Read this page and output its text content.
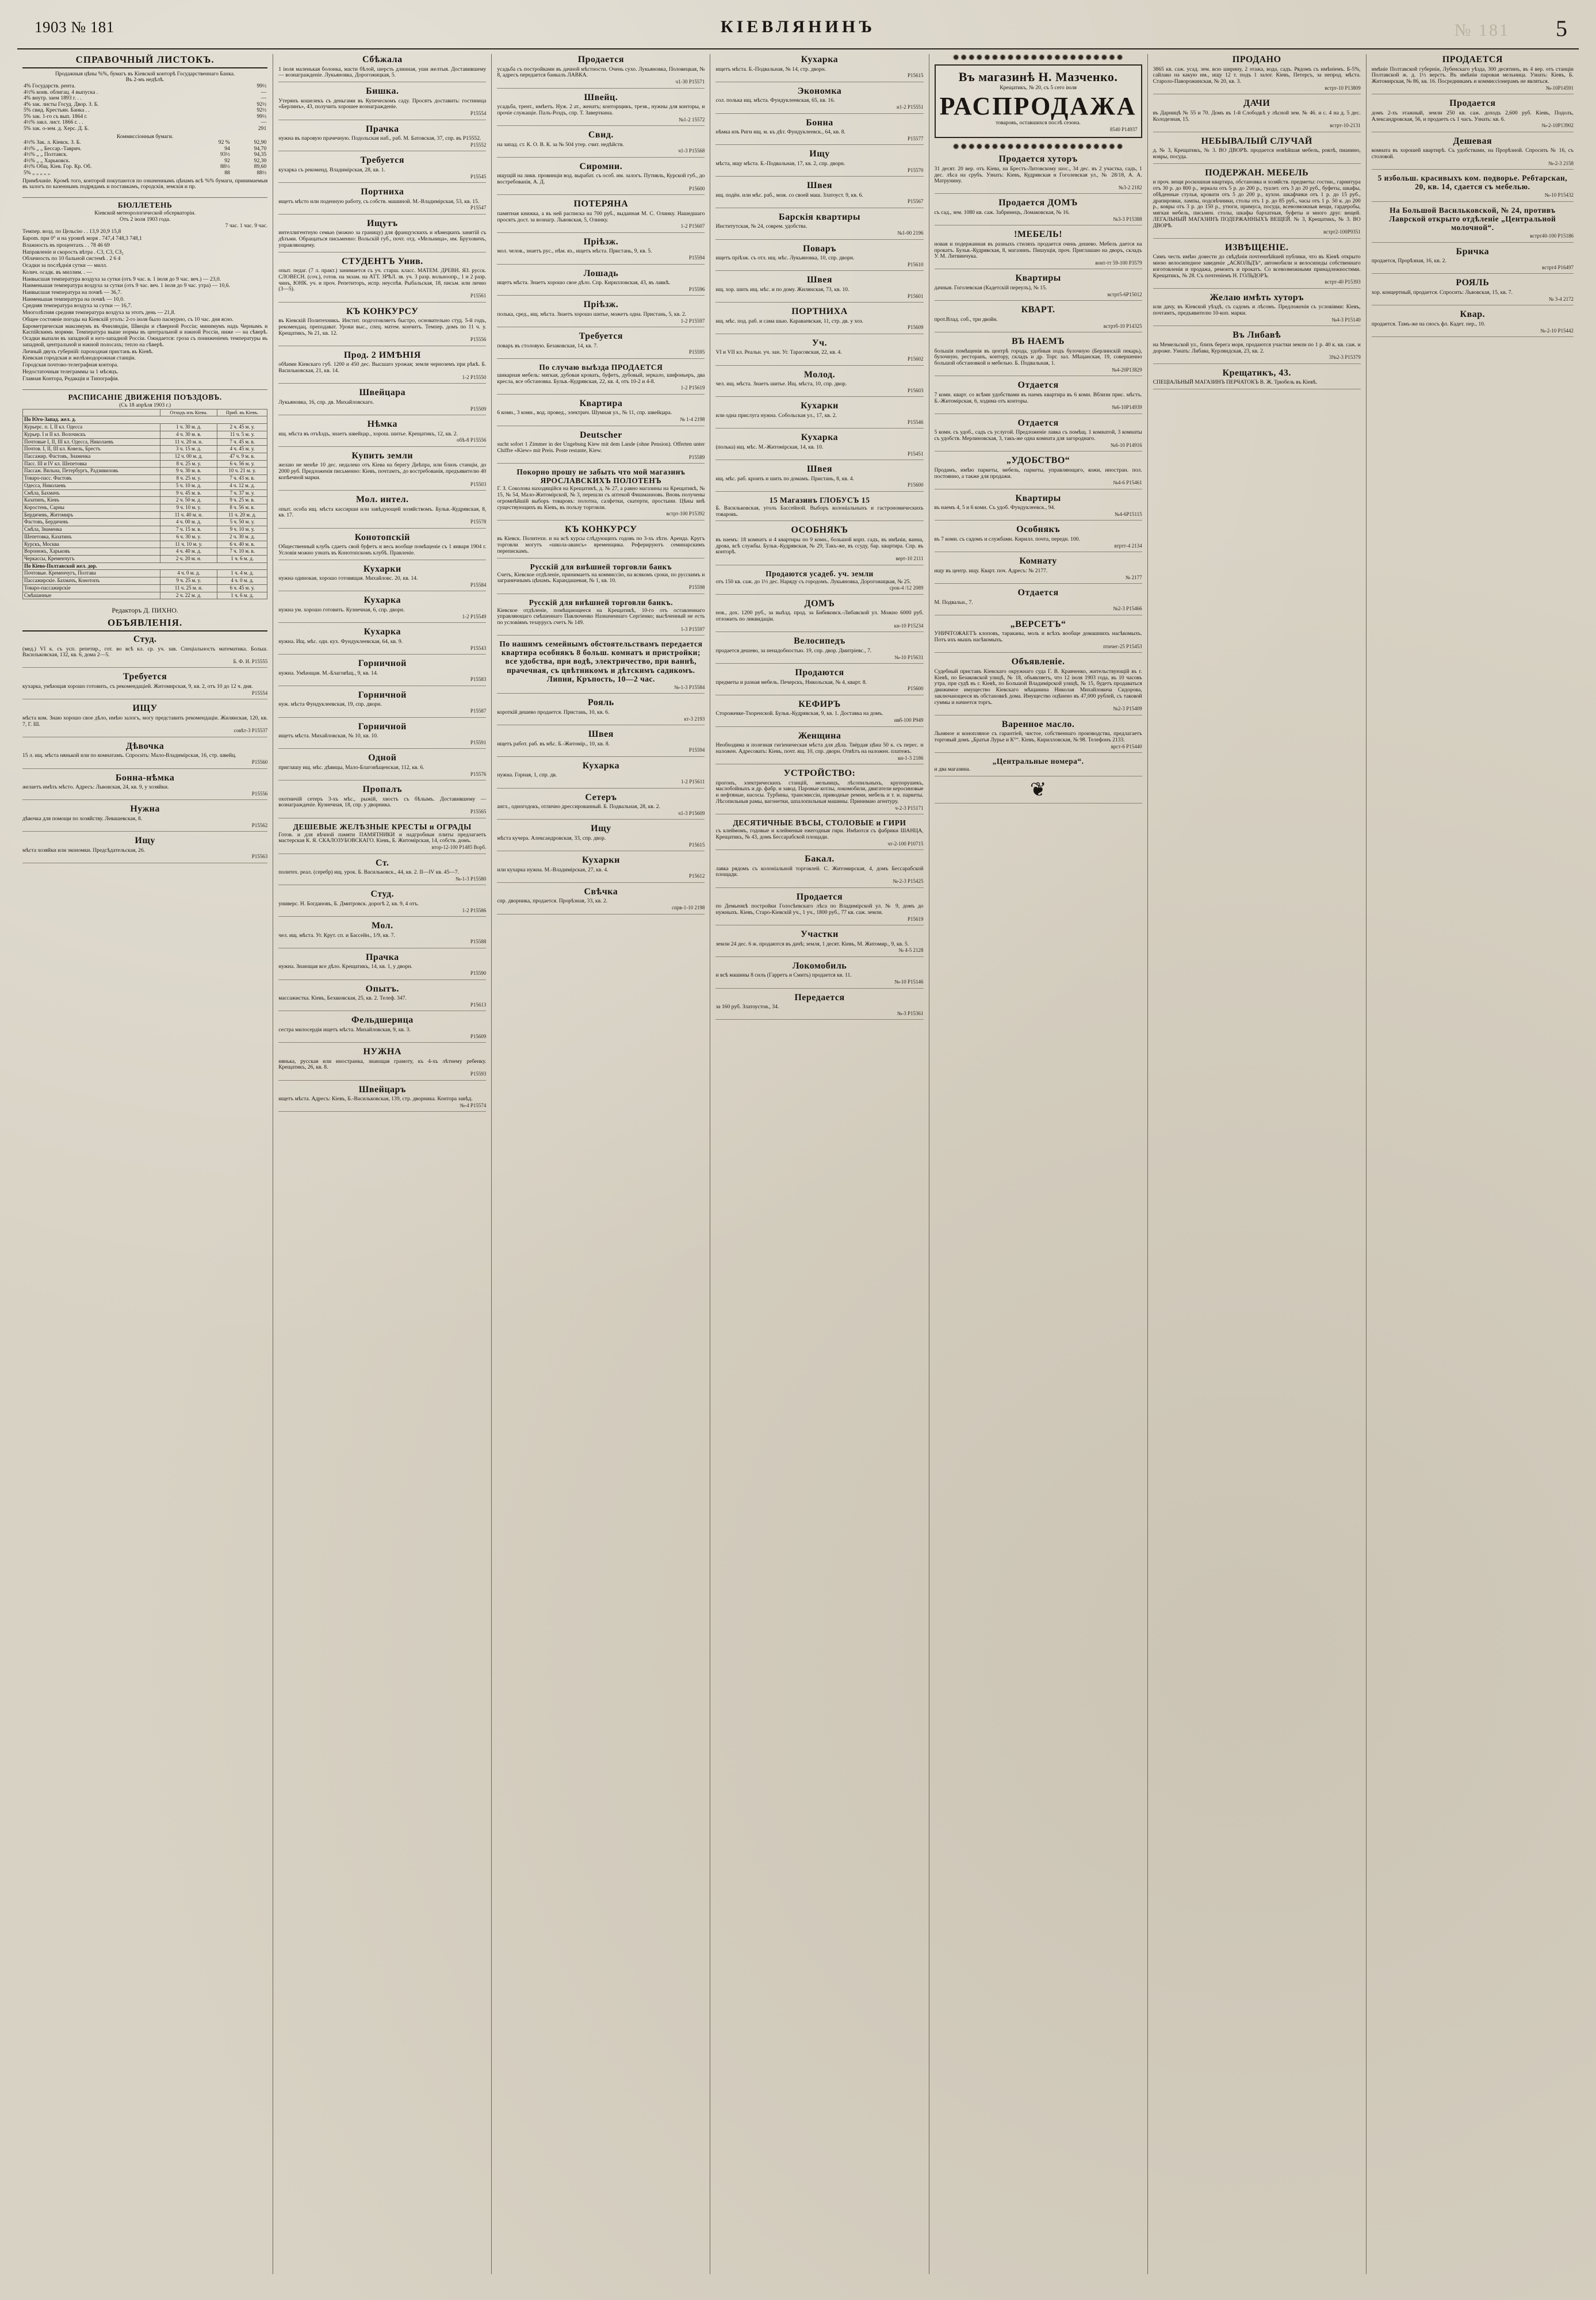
1903 № 181	КІЕВЛЯНИНЪ	№ 181 5
СПРАВОЧНЫЙ ЛИСТОКЪ.
Продажныя цѣны %%, бумагъ въ Кіевской конторѣ Государственнаго Банка.
Въ 2-мъ недѣлѣ.
4% Государств. рента.	99½
4½% конв. облигац. 4 выпуска .	—
4% внутр. заем 1893 г. . .	—
4% зак. листы Госуд. Двор. З. Б.	92½
5% свид. Крестьян. Банка . .	92½
5% зак. 1-го съ вып. 1864 г.	99½
4½% закл. лист. 1866 г. . .	—
5% зак. о-зем. д. Херс. Д. Б.	291
Коммиссіонныя бумаги.
4½% Зак. л. Кіевск. З. Б.	92 %	92,90
4½% „ „ Бессар.-Таврич.	94	94,70
4½% „ „ Полтавск.	93½	94,35
4½% „ „ Харьковск.	92	92,30
4½% Общ. Кіев. Гор. Кр. Об.	88½	89,60
5% „ „ „ „ „	88	88½
Примѣчаніе. Кромѣ того, конторой покупаются по означеннымъ цѣнамъ всѣ %% бумаги, принимаемыя въ залогъ по казеннымъ подрядамъ и поставкамъ, городскія, земскія и пр.
БЮЛЛЕТЕНЬ
Кіевской метеорологической обсерваторіи.
Отъ 2 іюля 1903 года.
7 час. 1 час. 9 час.

Темпер. возд. по Цельсію . . 13,9 20,9 15,8

Барom. при 0° и на уровнѣ моря . 747,4 748,3 748,1

Влажность въ процентахъ . . 78 46 69

Направленіе и скорость вѣтра . С3, С3, СЗ₂

Облачность по 10 бальной системѣ . 2 6 4

Осадки за послѣднія сутки — милл.

Колич. осадк. въ миллим. . —

Наивысшая температура воздуха за сутки (отъ 9 час. в. 1 іюля до 9 час. веч.) — 23,0.

Наименьшая температура воздуха за сутки (отъ 9 час. веч. 1 іюля до 9 час. утра) — 10,6.

Наивысшая температура на почвѣ — 36,7.

Наименьшая температура на почвѣ — 10,0.

Средняя температура воздуха за сутки — 16,7.

Многолѣтняя средняя температура воздуха за этотъ день — 21,8.

Общее состояніе погоды на Кіевскій уголъ: 2-го іюля было пасмурно, съ 10 час. дня ясно.

Барометрическая максимумъ въ Финляндіи, Швеціи и сѣверной Россіи; минимумъ надъ Чернымъ и Каспійскимъ морями. Температура выше нормы въ центральной и южной Россіи, ниже — на сѣверѣ. Осадки выпали въ западной и юго-западной Россіи. Ожидается: гроза съ пониженіемъ температуры въ западной, центральной и южной полосахъ; тепло на сѣверѣ.

Личный двухъ губерній: пароходная пристань въ Кіевѣ.

Кіевская городская и желѣзнодорожная станціи.

Городская почтово-телеграфная контора.

Недостаточныя телеграммы за 1 мѣсяцъ.

Главная Контора, Редакція и Типографія.

РАСПИСАНІЕ ДВИЖЕНІЯ ПОѢЗДОВЪ.
(Съ 18 апрѣля 1903 г.)
	Отходъ изъ Кіева.	Приб. въ Кіевъ.
По Юго-Запад. жел. д.		
Курьерс. п. I, II кл. Одесса	1 ч. 30 м. д.	2 ч. 45 м. у.
Курьер. І и ІІ кл. Волочискъ	4 ч. 30 м. в.	11 ч. 5 м. у.
Почтовые I, II, III кл. Одесса, Николаевъ	11 ч. 20 м. н.	7 ч. 45 м. в.
Почтов. I, II, III кл. Ковель, Брестъ	3 ч. 15 м. д.	4 ч. 45 м. у.
Пассажир. Фастовъ, Знаменка	12 ч. 00 м. д.	47 ч. 9 м. в.
Пасс. ІІІ и IV кл. Шепетовка	8 ч. 25 м. у.	6 ч. 56 м. у.
Пассаж. Вильна, Петербургъ, Радзивиловъ	9 ч. 30 м. в.	10 ч. 21 м. у.
Товаро-пасс. Фастовъ	8 ч. 25 м. у.	7 ч. 43 м. в.
Одесса, Николаевъ	5 ч. 10 м. д.	4 ч. 12 м. д.
Смѣла, Бахмачъ	9 ч. 45 м. в.	7 ч. 37 м. у.
Казатинъ, Кіевъ	2 ч. 50 м. д.	9 ч. 25 м. в.
Коростень, Сарны	9 ч. 10 м. у.	8 ч. 56 м. в.
Бердичевъ, Житомиръ	11 ч. 40 м. н.	11 ч. 20 м. д.
Фастовъ, Бердичевъ	4 ч. 00 м. д.	5 ч. 50 м. у.
Смѣла, Знаменка	7 ч. 15 м. в.	9 ч. 10 м. у.
Шепетовка, Казатинъ	6 ч. 30 м. у.	2 ч. 30 м. д.
Курскъ, Москва	11 ч. 10 м. у.	6 ч. 40 м. в.
Воронежъ, Харьковъ	4 ч. 40 м. д.	7 ч. 10 м. в.
Черкассы, Кременчугъ	2 ч. 20 м. н.	1 ч. 6 м. д.
По Кіево-Полтавской жел. дор.		
Почтовые. Кременчугъ, Полтава	4 ч. 0 м. д.	1 ч. 4 м. д.
Пассажирскіе. Бахмачъ, Конотопъ	9 ч. 25 м. у.	4 ч. 0 м. д.
Товаро-пассажирскіе	11 ч. 25 м. н.	6 ч. 45 м. у.
Смѣшанные	2 ч. 22 м. д.	1 ч. 6 м. д.
Редакторъ Д. ПИХНО.
ОБЪЯВЛЕНІЯ.
Студ.
(мед.) VI к. съ усп. репетир., гот. во всѣ кл. ср. уч. зав. Спеціальность математика. Больш. Васильковская, 132, кв. 6, дома 2—5.
Б. Ф. И. P15555
Требуется
кухарка, умѣющая хорошо готовить, съ рекомендаціей. Житомирская, 9, кв. 2, отъ 10 до 12 ч. дня.
P15554
ИЩУ
мѣста ком. Знаю хорошо свое дѣло, имѣю залогъ, могу представить рекомендаціи. Жилянская, 120, кв. 7, Г. Ш.
совѣт-3 P15537
Дѣвочка
15 л. ищ. мѣста нянькой или по комнатамъ. Спросить: Мало-Владимірская, 16, стр. швейц.
P15560
Бонна-нѣмка
желаетъ имѣть мѣсто. Адресъ: Львовская, 24, кв. 9, у хозяйки.
P15556
Нужна
дѣвочка для помощи по хозяйству. Левашевская, 8.
P15562
Ищу
мѣста хозяйки или экономки. Предсѣдательская, 26.
P15563
Сбѣжала
1 іюля маленькая болонка, масти бѣлой, шерсть длинная, уши желтыя. Доставившему — вознагражденіе. Лукьяновка, Дорогожицкая, 5.
Бишка.
Утерянъ кошелекъ съ деньгами въ Купеческомъ саду. Просятъ доставить: гостиница «Берлинъ», 43, получить хорошее вознагражденіе.
P15554
Прачка
нужна въ паровую прачечную. Подольская наб., раб. М. Батовская, 37, спр. въ P15552.
P15552
Требуется
кухарка съ рекоменд. Владимірская, 28, кв. 1.
P15545
Портниха
ищетъ мѣсто или поденную работу, съ собств. машиной. М.-Владимірская, 53, кв. 15.
P15547
Ищутъ
интеллигентную семью (можно за границу) для французскихъ и нѣмецкихъ занятій съ дѣтьми. Обращаться письменно: Вольскій губ., почт. отд. «Мельница», им. Бруховичъ, управляющему.
СТУДЕНТЪ Унив.
опыт. педаг. (7 л. практ.) занимается съ уч. старш. класс. МАТЕМ. ДРЕВН. ЯЗ. русск. СЛОВЕСН. (соч.), готов. на экзам. на АТТ. ЗРѢЛ. зв. уч. 3 разр. вольноопр., 1 и 2 разр. чинъ, ЮНК. уч. и проч. Репетиторъ, испр. неуспѣв. Рыбальская, 18, письм. или лично (3—5).
P15561
КЪ КОНКУРСУ
въ Кіевскій Политехникъ. Инстит. подготовляетъ быстро, основательно студ. 5-й годъ, рекомендац. преподават. Уроки выс., спец. матем. кончитъ. Темпер. домъ по 11 ч. у. Крещатикъ, № 21, кв. 12.
P15556
Прод. 2 ИМѢНІЯ
обѣими Кіевскаго губ. 1200 и 450 дес. Высшаго урожая; земля черноземъ при рѣкѣ. Б. Васильковская, 21, кв. 14.
1-2 P15550
Швейцара
Лукьяновка, 16, спр. дв. Михайловскаго.
P15509
Нѣмка
ищ. мѣста въ отъѣздъ, знаетъ швейцар., хорош. шитье. Крещатикъ, 12, кв. 2.
обѣ-8 P15556
Купить земли
желаю не менѣе 10 дес. недалеко отъ Кіева на берегу Днѣпра, или близъ станціи, до 2000 руб. Предложенія письменно: Кіевъ, почтамтъ, до востребованія, предъявителю 40 копѣечной марки.
P15503
Мол. интел.
опыт. особа ищ. мѣста кассирши или завѣдующей хозяйствомъ. Бульв.-Кудрявская, 8, кв. 17.
P15578
Конотопскій
Общественный клубъ сдаетъ свой буфетъ и весь вообще помѣщеніе съ 1 января 1904 г. Условія можно узнать въ Конотопскомъ клубѣ. Правленіе.
Кухарки
нужна одинокая, хорошо готовящая. Михайловс. 20, кв. 14.
P15584
Кухарка
нужна ум. хорошо готовить. Кузнечная, 6, спр. дворн.
1-2 P15549
Кухарка
нужна. Ищ. мѣс. одн. кух. Фундуклеевская, 64, кв. 9.
P15543
Горничной
нужна. Умѣющая. М.-Благовѣщ., 9, кв. 14.
P15583
Горничной
нуж. мѣста Фундуклеевская, 19, спр. дворн.
P15587
Горничной
ищетъ мѣста. Михайловская, № 10, кв. 10.
P15591
Одной
приглашу ищ. мѣс. дѣвицы, Мало-Благовѣщенская, 112, кв. 6.
P15576
Пропалъ
охотничій сетеръ 3-хъ мѣс., рыжій, хвостъ съ бѣлымъ. Доставившему — вознагражденіе. Кузнечная, 18, спр. у дворника.
P15565
ДЕШЕВЫЕ ЖЕЛѢЗНЫЕ КРЕСТЫ и ОГРАДЫ
Готов. и для вѣчной памяти ПАМЯТНИКИ и надгробныя плиты предлагаетъ мастерская К. Я. СКАЛОЗУБОВСКАГО. Кіевъ, Б. Житомірская, 14, собств. домъ.
втор-12-100 P1485 Ворб.
Ст.
политех. реал. (серебр) ищ. урок. Б. Васильковск., 44, кв. 2. II—IV кв. 45—7.
№-1-3 P15580
Студ.
универс. Н. Богдановъ, Б. Дмитровск. дорогѣ 2, кв. 9, 4 отъ.
1-2 P15586
Мол.
чел. ищ. мѣста. Уг. Крут. сп. и Бассейн., 1/9, кв. 7.
P15588
Прачка
нужна. Знающая все дѣло. Крещатикъ, 14, кв. 1, у дворн.
P15590
Опытъ.
массажистка. Кіевъ, Безаковская, 25, кв. 2. Телеф. 347.
P15613
Фельдшерица
сестра милосердія ищетъ мѣста. Михайловская, 9, кв. 3.
P15609
НУЖНА
нянька, русская или иностранка, знающая грамоту, къ 4-хъ лѣтнему ребенку. Крещатикъ, 26, кв. 8.
P15593
Швейцаръ
ищетъ мѣста. Адресъ: Кіевъ, Б.-Васильковская, 139, стр. дворника. Контора завѣд.
№-4 P15574
Продается
усадьба съ постройками въ дачной мѣстности. Очень сухо. Лукьяновка, Половецкая, № 8, адресъ передается банкалъ ЛАВКА.
ч1-30 P15571
Швейц.
усадьба, трент., имѣетъ. Нуж. 2 ат., женатъ; конторщикъ, трезв., нужны для конторы, и прочіе служащіе. Палъ-Роздъ, спр. Т. Заверткина.
№1-2 15572
Свид.
на запад. ст. К. О. В. К. за № 504 утер. счит. недѣйств.
ч1-3 P15568
Сиромни.
ищущій на ликв. провинціи вод. вырабат. съ особ. им. залогъ. Путивль, Курской губ., до востребованія, А. Д.
P15600
ПОТЕРЯНА
памятная книжка, а въ ней расписка на 700 руб., выданная М. С. Олинку. Нашедшаго просятъ дост. за вознагр. Львовская, 5, Олинку.
1-2 P15607
Пріѣзж.
мол. челов., знаетъ рус., нѣм. яз., ищетъ мѣста. Пристань, 9, кв. 5.
P15594
Лошадь
ищетъ мѣста. Знаетъ хорошо свое дѣло. Спр. Кирилловская, 43, въ лавкѣ.
P15596
Пріѣзж.
полька, сред., ищ. мѣста. Знаетъ хорошо шитье, можетъ одна. Пристань, 5, кв. 2.
1-2 P15597
Требуется
поваръ въ столовую. Безаковская, 14, кв. 7.
P15595
По случаю выѣзда ПРОДАЕТСЯ
шикарная мебель: мягкая, дубовая кровать, буфетъ, дубовый, зеркало, шифоньеръ, два кресла, все обстановка. Бульв.-Кудрявская, 22, кв. 4, отъ 10-2 и 4-8.
1-2 P15619
Квартира
6 комн., 3 комн., вод. провед., электрич. Шумная ул., № 11, спр. швейцара.
№ 1-4 2198
Deutscher
sucht sofort 1 Zimmer in der Ungebung Kiew mit dem Lande (ohne Pension). Offerten unter Chiffre «Kiew» mit Preis. Poste restante, Kiew.
P15589
Покорно прошу не забыть что мой магазинъ ЯРОСЛАВСКИХЪ ПОЛОТЕНЪ
Г. З. Соколова находящійся на Крещатикѣ, д. № 27, а равно магазины на Крещатикѣ, № 15, № 54, Мало-Житомірской, № 3, перешли съ аптекой Фишманновъ. Вновь получены огромнѣйшій выборъ товаровъ: полотна, салфетки, скатерти, простыни. Цѣны внѣ существующихъ въ Кіевъ, въ пользу торговли.
встрт-100 P15392
КЪ КОНКУРСУ
въ Кіевск. Политехн. и на всѣ курсы слѣдующихъ годовъ по 3-хъ лѣтн. Аренда. Кругъ торговли могутъ «школа-авансъ» временщика. Реферируютъ семинарскимъ перепискамъ.
Русскій для внѣшней торговли банкъ
Счетъ, Кіевское отдѣленіе, принимаетъ на коммиссію, на всякомъ сроки, по русскимъ и заграничнымъ цѣнамъ. Карандашевая, № 1, кв. 10.
P15598
Русскій для внѣшней торговли банкъ.
Кіевское отдѣленіе, помѣщающееся на Крещатикѣ, 10-го отъ оставленнаго управляющаго смѣшеннаго Павлюченко Назначеннаго Сергіенко; высѣченный не есть по условіямъ тезаурусъ счетъ № 149.
1-3 P15597
По нашимъ семейнымъ обстоятельствамъ передается квартира особнякъ 8 больш. комнатъ и пристройки; все удобства, при водѣ, электричество, при ваннѣ, прачечная, съ цвѣтникомъ и дѣтскимъ садикомъ. Липни, Кръпость, 10—2 час.
№-1-3 P15584
Рояль
короткій дешево продается. Пристань, 10, кв. 6.
кт-3 2193
Швея
ищетъ работ. раб. въ мѣс. Б.-Житомір., 10, кв. 8.
P15594
Кухарка
нужна. Горная, 1, спр. дв.
1-2 P15611
Сетеръ
англ., одногодокъ, отлично дрессированный. Б. Подвальная, 28, кв. 2.
ч1-3 P15609
Ищу
мѣста кучера. Александровская, 33, спр. двор.
P15615
Кухарки
или кухарка нужна. М.-Владимірская, 27, кв. 4.
P15612
Свѣчка
спр. дворника, продается. Прорѣзная, 33, кв. 2.
спрв-1-10 2198
Кухарка
ищетъ мѣста. Б.-Подвальная, № 14, стр. дворн.
P15615
Экономка
сол. полька ищ. мѣста. Фундуклеевская, 65, кв. 16.
н1-2 P15551
Бонна
нѣмка изъ Риги ищ. м. къ дѣт. Фундуклеевск., 64, кв. 8.
P15577
Ищу
мѣста, ищу мѣста. Б.-Подвальная, 17, кв. 2, спр. дворн.
P15570
Швея
ищ. подён. или мѣс. раб., мож. со своей маш. Златоуст. 9, кв. 6.
P15567
Барскія квартиры
Институтская, № 24, соврем. удобства.
№1-00 2196
Поваръ
ищетъ пріѣзж. съ отл. ищ. мѣс. Лукьяновка, 10, спр. дворн.
P15610
Швея
ищ. хор. шить ищ. мѣс. и по дому. Жилянская, 73, кв. 10.
P15601
ПОРТНИХА
ищ. мѣс. под. раб. и сама шью. Караваевская, 11, стр. дв. у хоз.
P15609
Уч.
VI и VII кл. Реальн. уч. зан. Уг. Тарасовская, 22, кв. 4.
P15602
Молод.
чел. ищ. мѣста. Знаетъ шитье. Ищ. мѣста, 10, спр. двор.
P15603
Кухарки
или одна прислуга нужна. Собольская ул., 17, кв. 2.
P15546
Кухарка
(полька) ищ. мѣс. М.-Житомірская, 14, кв. 10.
P15451
Швея
ищ. мѣс. раб. кроить и шить по домамъ. Пристань, 8, кв. 4.
P15600
15 Магазинъ ГЛОБУСЪ 15
Б. Васильковская, уголъ Бассейной. Выборъ колоніальныхъ и гастрономическихъ товаровъ.
ОСОБНЯКЪ
въ наемъ: 18 комнатъ и 4 квартиры по 9 комн., большой корп. садъ, въ имѣніи, ванна, дрова, всѣ службы. Бульв.-Кудрявская, № 29, Такъ-же, въ ссуду, бар. квартира. Спр. въ конторѣ.
верт-10 2111
Продаются усадеб. уч. земли
отъ 150 кв. саж. до 1½ дес. Наряду съ городомъ. Лукьяновка, Дорогожицкая, № 25.
срок-4 /12 2089
ДОМЪ
нов., дох. 1200 руб., за выѣзд. прод. за Бибиковск.-Либавской ул. Можно 6000 руб. отложить по ликвидаціи.
кн-10 P15234
Велосипедъ
продается дешево, за ненадобностью. 19, спр. двор. Дмитріевс., 7.
№-10 P15631
Продаются
предметы и разная мебель. Печерскъ, Никольская, № 4, кварт. 8.
P15600
КЕФИРЪ
Сторожевке-Тхоренской. Бульв.-Кудрявская, 9, кв. 1. Доставка на домъ.
ивб-100 P949
Женщина
Необходима и полезная гигіеническая мѣста для дѣла. Твёрдая цѣна 50 к. съ перес. и наложен. Адресовать: Кіевъ, почт. ящ. 10, спр. дворн. Отвѣтъ на наложен. платежъ.
кн-1-3 2186
УСТРОЙСТВО:
прогонъ, электрическихъ станцій, мельницъ, лѣсопильныхъ, крупорушекъ, маслобойныхъ и др. фабр. и завод. Паровые котлы, локомобили, двигатели керосиновые и нефтяные, насосы. Турбины, трансмиссіи, приводные ремни, мебель и т. и. паркеты. Лѣсопильныя рамы, вагонетки, шпалопильныя машины. Принимаю агентуру.
ч-2-3 P15171
ДЕСЯТИЧНЫЕ ВѢСЫ, СТОЛОВЫЕ и ГИРИ
съ клеймомъ, годовые и клейменыя ежегодныя гири. Имѣются съ фабрики ШАНЦА, Крещатикъ, № 43, домъ Бессарабской площади.
чт-2-100 P10715
Бакал.
лавка рядомъ съ колоніальной торговлей. С. Житомирская, 4, домъ Бессарабской площади.
№-2-3 P15425
Продается
по Демьенкѣ постройки Голосѣевскаго лѣса по Владимірской ул. № 9, домъ до нужныхъ. Кіевъ, Старо-Кіевскій уч., 1 уч., 1800 руб., 77 кв. саж. земли.
P15619
Участки
земли 24 дес. 6 ж. продаются въ дачѣ; земля, 1 десят. Кіевъ, М. Житомир., 9, кв. 5.
№ 4-5 2128
Локомобиль
и всѣ машины 8 силъ (Гарретъ и Смитъ) продается кв. 11.
№-10 P15146
Передается
за 160 руб. Златоустов., 34.
№-3 P15361
✹✹✹✹✹✹✹✹✹✹✹✹✹✹✹✹✹✹✹✹✹✹
Въ магазинѣ Н. Мазченко.
Крещатикъ, № 20, съ 5 сего іюля
РАСПРОДАЖА
товаровъ, оставшихся послѣ сезона.
8540 P14937
✹✹✹✹✹✹✹✹✹✹✹✹✹✹✹✹✹✹✹✹✹✹
Продается хуторъ
31 десят. 20 вер. отъ Кіева, на Брестъ-Литовскому шос., 34 дес. въ 2 участка, садъ, 1 дес. лѣса на срубъ. Узнать: Кіевъ, Кудрявская и Гоголевская ул., № 28/18, А. А. Матрунину.
№3-2 2182
Продается ДОМЪ
съ сад., зем. 1080 кв. саж. Забринецъ, Ломаковская, № 16.
№3-3 P15388
!МЕБЕЛЬ!
новая и подержанная въ разныхъ стиляхъ продается очень дешево. Мебель дается на прокатъ. Бульв.-Кудрявская, 8, магазинъ. Пишущія, проч. Приглашаю на дворъ, складъ У. М. Литвинчука.
вонт-тт 59-100 P3579
Квартиры
дачныя. Гоголевская (Кадетскій переулъ), № 15.
встрт5-6P15012
КВАРТ.
прот.Влад. соб., три двойн.
встртб-10 P14325
ВЪ НАЕМЪ
большія помѣщенія въ центрѣ города, удобныя подъ булочную (Берлинскій пекарь), булочную, ресторанъ, контору, складъ и др. Торг. зал. Мѣщанская, 19, совершенно большой обстановкой и мебелью. Б. Подвальная, 1.
№4-20P13829
Отдается
7 комн. кварт. со всѣми удобствами въ наемъ квартира въ 6 комн. Вблизи прис. мѣстъ. Б.-Житомірская, 6, ходима отъ конторы.
№6-10P14939
Отдается
5 комн. съ удоб., садъ съ услугой. Предложеніе лавка съ помѣщ. 1 комнатой, 3 комнаты съ удобств. Мерлиновская, 3, такъ-же одна комната для загороднаго.
№6-10 P14916
„УДОБСТВО“
Продамъ, имѣю паркеты, мебель, паркеты, управляющаго, кожи, иностран. пол. постоянно, а также для продажи.
№4-6 P15461
Квартиры
въ наемъ 4, 5 и 6 комн. Съ удоб. Фундуклеевск., 94.
№4-6P15115
Особнякъ
въ 7 комн. съ садомъ и службами. Кирилл. почта, передн. 100.
втртт-4 2134
Комнату
ищу въ центр. ищу. Кварт. поч. Адресъ: № 2177.
№ 2177
Отдается
М. Подвальн., 7.
№2-3 P15466
„ВЕРСЕТЪ“
УНИЧТОЖАЕТЪ клоповъ, тараканы, моль и всѣхъ вообще домашнихъ насѣкомыхъ. Потъ ихъ мышъ насѣкомыхъ.
птичег-25 P15453
Объявленіе.
Судебный приставъ Кіевскаго окружнаго суда Г. В. Кравченко, жительствующій въ г. Кіевѣ, по Безаковской улицѣ, № 18, объявляетъ, что 12 іюля 1903 года, въ 10 часовъ утра, при судѣ въ г. Кіевѣ, по Большой Владимірской улицѣ, № 15, будетъ продаваться движимое имущество Кіевскаго мѣщанина Николая Михайловича Сидорова, заключающееся въ обстановкѣ дома. Имущество оцѣнено въ 47,000 рублей, съ таковой суммы и начнется торгъ.
№2-3 P15409
Варенное масло.
Льняное и конопляное съ гарантіей, чистое, собственнаго производства, предлагаетъ торговый домъ „Братья Лурье и К°“. Кіевъ, Кирилловская, № 98. Телефонъ 2133.
врст-6 P15440
„Центральные номера“.
и два магазина.
❦
ПРОДАНО
3865 кв. саж. усад. зем. всю ширину, 2 этажа, вода, садъ. Рядомъ съ имѣніемъ. Б-5%, сайлако на какую им., ищу 12 т. подъ 1 залог. Кіевъ, Петерсъ, за непрод. мѣста. Староло-Паворожинская, № 20, кв. 3.
встрт-10 P13809
ДАЧИ
въ Дарницѣ № 55 и 70. Домъ въ 1-й Слободкѣ у лѣсной зем. № 46. и с. 4 на д. 5 дес. Колодезная, 15.
встрт-10-2131
НЕБЫВАЛЫЙ СЛУЧАЙ
д. № 3, Крещатикъ, № 3. ВО ДВОРѢ. продается новѣйшая мебель, роялѣ, пианино, ковры, посуда.
ПОДЕРЖАН. МЕБЕЛЬ
и проч. вещи роскошная квартира, обстановка и хозяйств. предметы: гостин., гарнитура отъ 30 р. до 800 р., зеркала отъ 5 р. до 200 р., туалет. отъ 3 до 20 руб., буфеты, шкафы, обѣденные стулья, кровати отъ 5 до 200 р., кухон. шкафчики отъ 1 р. до 15 руб., драпировки, лампы, подсвѣчники, столы отъ 1 р. до 85 руб., часы отъ 1 р. 50 к. до 200 р., ковры отъ 3 р. до 150 р., утюги, примуса, посуда, всевозможныя вещи, гардеробы, мягкая мебель, письмен. столы, шкафы бархатныя, буфеты и много друг. вещей. ЛЕГАЛЬНЫЙ МАГАЗИНЪ ПОДЕРЖАННЫХЪ ВЕЩЕЙ. № 3, Крещатикъ, № 3. ВО ДВОРѢ.
встрт2-100P9351
ИЗВѢЩЕНІЕ.
Симъ честь имѣю довести до свѣдѣнія почтеннѣйшей публики, что въ Кіевѣ открыто мною велосипедное заведеніе „АСКОЛЬДЪ“, автомобили и велосипеды собственнаго изготовленія и продажа, ремонтъ и прокатъ. Со всевозможными принадлежностями. Крещатикъ, № 28. Съ почтеніемъ Н. ГОЛЬДОРЪ.
встрт-40 P15393
Желаю имѣть хуторъ
или дачу, въ Кіевской уѣздѣ, съ садомъ и лѣсомъ. Предложенія съ условіями: Кіевъ, почтамтъ, предъявителю 10-коп. марки.
№4-3 P15140
Въ Либавѣ
на Мемельской ул., близъ берега моря, продаются участки земли по 1 р. 40 к. кв. саж. и дороже. Узнать: Либава, Курляндская, 23, кв. 2.
3№2-3 P15379
Крещатикъ, 43.
СПЕЦІАЛЬНЫЙ МАГАЗИНЪ ПЕРЧАТОКЪ В. Ж. Трюбель въ Кіевѣ.
ПРОДАЕТСЯ
имѣніе Полтавской губерніи, Лубенскаго уѣзда, 300 десятинъ, въ 4 вер. отъ станціи Полтавской ж. д. 1½ верстъ. Въ имѣніи паровая мельница. Узнать: Кіевъ, Б. Житомирская, № 86, кв. 16. Посредникамъ и коммиссіонерамъ не являться.
№-10P14591
Продается
домъ 2-хъ этажный, земли 250 кв. саж. доходъ 2,600 руб. Кіевъ, Подолъ, Александровская, 56, и продаетъ съ 1 часъ. Узнать: кв. 6.
№-2-10P13902
Дешевая
комната въ хорошей квартирѣ. Съ удобствами, на Прорѣзной. Спросить № 16, съ столовой.
№-2-3 2158
5 избольш. красивыхъ ком. подворье. Ребтарскан, 20, кв. 14, сдается съ мебелью.
№-10 P15432
На Большой Васильковской, № 24, противъ Лаврской открыто отдѣленіе „Центральной молочной“.
встрт40-100 P15186
Бричка
продается, Прорѣзная, 16, кв. 2.
встрт4 P16497
РОЯЛЬ
хор. концертный, продается. Спросить: Львовская, 15, кв. 7.
№ 3-4 2172
Кваp.
продается. Тамъ-же на сносъ фл. Кадет. пер., 10.
№-2-10 P15442
